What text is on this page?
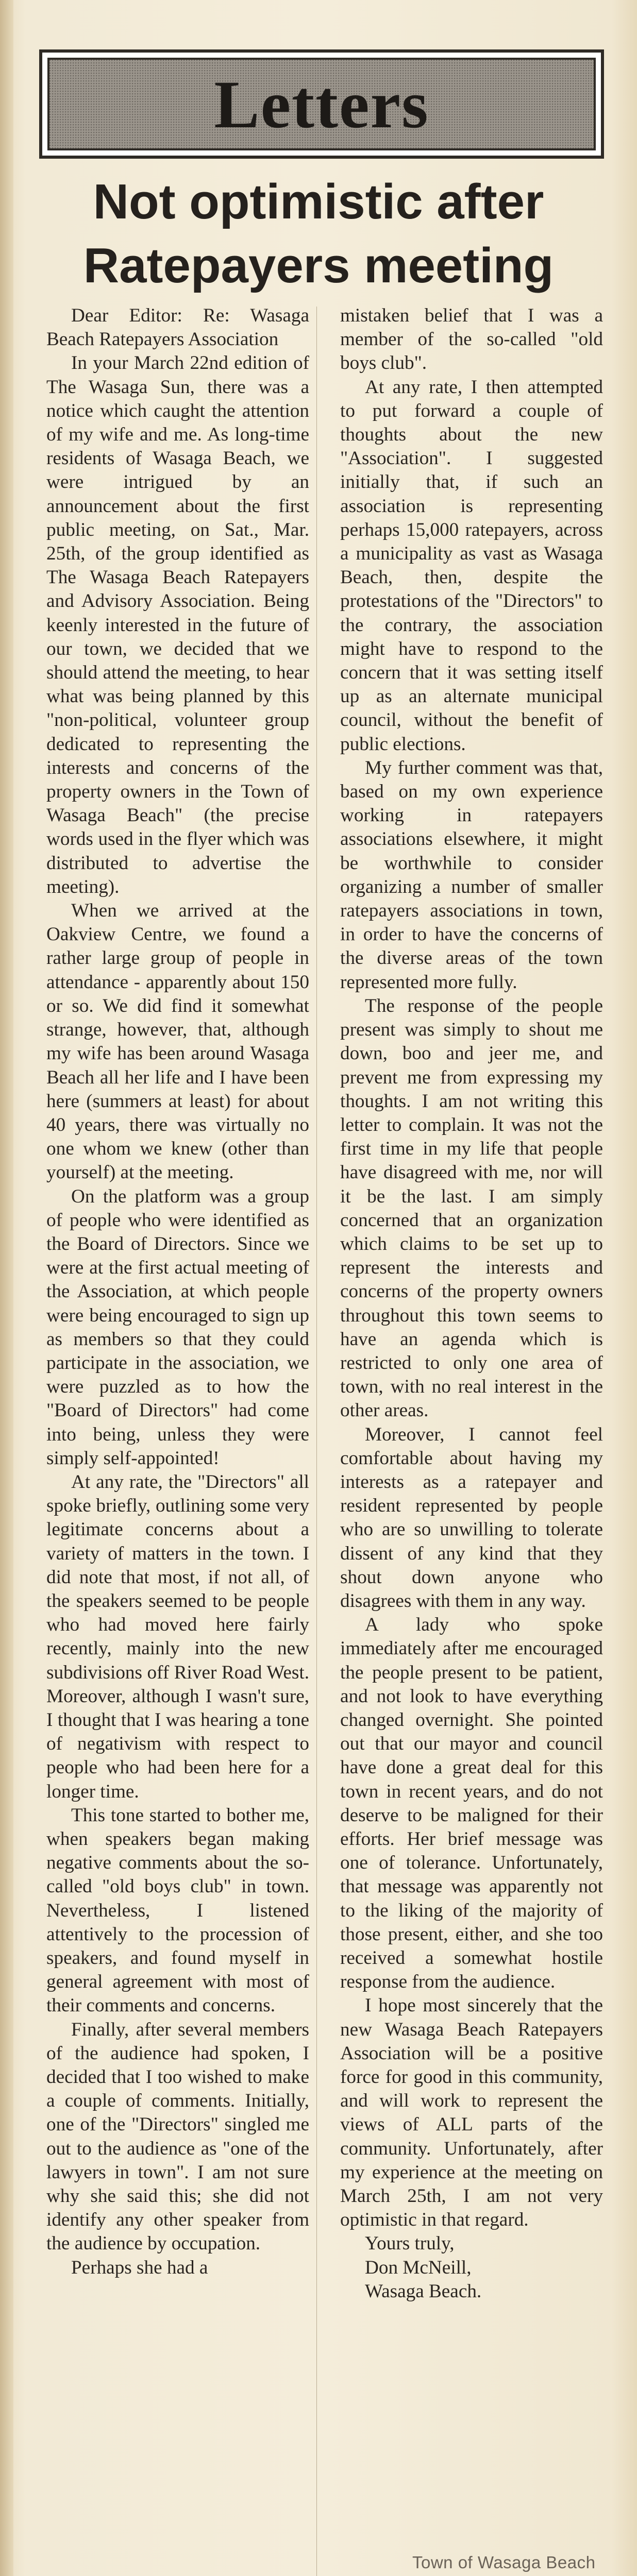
Letters
Not optimistic after
Ratepayers meeting

Dear Editor: Re: Wasaga Beach Ratepayers Association

In your March 22nd edition of The Wasaga Sun, there was a notice which caught the attention of my wife and me. As long-time residents of Wasaga Beach, we were intrigued by an announcement about the first public meeting, on Sat., Mar. 25th, of the group identified as The Wasaga Beach Ratepayers and Advisory Association. Being keenly interested in the future of our town, we decided that we should attend the meeting, to hear what was being planned by this "non-political, volunteer group dedicated to representing the interests and concerns of the property owners in the Town of Wasaga Beach" (the precise words used in the flyer which was distributed to advertise the meeting).

When we arrived at the Oakview Centre, we found a rather large group of people in attendance - apparently about 150 or so. We did find it somewhat strange, however, that, although my wife has been around Wasaga Beach all her life and I have been here (summers at least) for about 40 years, there was virtually no one whom we knew (other than yourself) at the meeting.

On the platform was a group of people who were identified as the Board of Directors. Since we were at the first actual meeting of the Association, at which people were being encouraged to sign up as members so that they could participate in the association, we were puzzled as to how the "Board of Directors" had come into being, unless they were simply self-appointed!

At any rate, the "Directors" all spoke briefly, outlining some very legitimate concerns about a variety of matters in the town. I did note that most, if not all, of the speakers seemed to be people who had moved here fairly recently, mainly into the new subdivisions off River Road West. Moreover, although I wasn't sure, I thought that I was hearing a tone of negativism with respect to people who had been here for a longer time.

This tone started to bother me, when speakers began making negative comments about the so-called "old boys club" in town. Nevertheless, I listened attentively to the procession of speakers, and found myself in general agreement with most of their comments and concerns.

Finally, after several members of the audience had spoken, I decided that I too wished to make a couple of comments. Initially, one of the "Directors" singled me out to the audience as "one of the lawyers in town". I am not sure why she said this; she did not identify any other speaker from the audience by occupation.

Perhaps she had a

mistaken belief that I was a member of the so-called "old boys club".

At any rate, I then attempted to put forward a couple of thoughts about the new "Association". I suggested initially that, if such an association is representing perhaps 15,000 ratepayers, across a municipality as vast as Wasaga Beach, then, despite the protestations of the "Directors" to the contrary, the association might have to respond to the concern that it was setting itself up as an alternate municipal council, without the benefit of public elections.

My further comment was that, based on my own experience working in ratepayers associations elsewhere, it might be worthwhile to consider organizing a number of smaller ratepayers associations in town, in order to have the concerns of the diverse areas of the town represented more fully.

The response of the people present was simply to shout me down, boo and jeer me, and prevent me from expressing my thoughts. I am not writing this letter to complain. It was not the first time in my life that people have disagreed with me, nor will it be the last. I am simply concerned that an organization which claims to be set up to represent the interests and concerns of the property owners throughout this town seems to have an agenda which is restricted to only one area of town, with no real interest in the other areas.

Moreover, I cannot feel comfortable about having my interests as a ratepayer and resident represented by people who are so unwilling to tolerate dissent of any kind that they shout down anyone who disagrees with them in any way.

A lady who spoke immediately after me encouraged the people present to be patient, and not look to have everything changed overnight. She pointed out that our mayor and council have done a great deal for this town in recent years, and do not deserve to be maligned for their efforts. Her brief message was one of tolerance. Unfortunately, that message was apparently not to the liking of the majority of those present, either, and she too received a somewhat hostile response from the audience.

I hope most sincerely that the new Wasaga Beach Ratepayers Association will be a positive force for good in this community, and will work to represent the views of ALL parts of the community. Unfortunately, after my experience at the meeting on March 25th, I am not very optimistic in that regard.

Yours truly,
Don McNeill,
Wasaga Beach.
Town of Wasaga Beach
